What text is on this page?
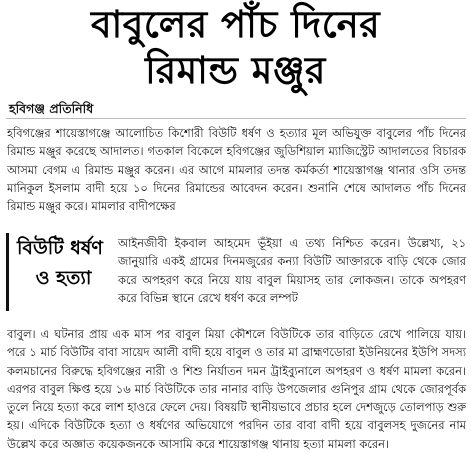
বাবুলের পাঁচ দিনের
রিমান্ড মঞ্জুর
হবিগঞ্জ প্রতিনিধি
হবিগঞ্জের শায়েস্তাগঞ্জে আলোচিত কিশোরী বিউটি ধর্ষণ ও হত্যার মূল অভিযুক্ত বাবুলের পাঁচ দিনের রিমান্ড মঞ্জুর করেছে আদালত। গতকাল বিকেলে হবিগঞ্জের জুডিশিয়াল ম্যাজিস্ট্রেট আদালতের বিচারক আসমা বেগম এ রিমান্ড মঞ্জুর করেন। এর আগে মামলার তদন্ত কর্মকর্তা শায়েস্তাগঞ্জ থানার ওসি তদন্ত মানিকুল ইসলাম বাদী হয়ে ১০ দিনের রিমান্ডের আবেদন করেন। শুনানি শেষে আদালত পাঁচ দিনের রিমান্ড মঞ্জুর করে। মামলার বাদীপক্ষের
বিউটি ধর্ষণ
ও হত্যা
আইনজীবী ইকবাল আহমেদ ভূঁইয়া এ তথ্য নিশ্চিত করেন। উল্লেখ্য, ২১ জানুয়ারি একই গ্রামের দিনমজুরের কন্যা বিউটি আক্তারকে বাড়ি থেকে জোর করে অপহরণ করে নিয়ে যায় বাবুল মিয়াসহ তার লোকজন। তাকে অপহরণ করে বিভিন্ন স্থানে রেখে ধর্ষণ করে লম্পট
বাবুল। এ ঘটনার প্রায় এক মাস পর বাবুল মিয়া কৌশলে বিউটিকে তার বাড়িতে রেখে পালিয়ে যায়। পরে ১ মার্চ বিউটির বাবা সায়েদ আলী বাদী হয়ে বাবুল ও তার মা ব্রাহ্মণডোরা ইউনিয়নের ইউপি সদস্য কলমচানের বিরুদ্ধে হবিগঞ্জের নারী ও শিশু নির্যাতন দমন ট্রাইব্যুনালে অপহরণ ও ধর্ষণ মামলা করেন। এরপর বাবুল ক্ষিপ্ত হয়ে ১৬ মার্চ বিউটিকে তার নানার বাড়ি উপজেলার গুনিপুর গ্রাম থেকে জোরপূর্বক তুলে নিয়ে হত্যা করে লাশ হাওরে ফেলে দেয়। বিষয়টি স্থানীয়ভাবে প্রচার হলে দেশজুড়ে তোলপাড় শুরু হয়। এদিকে বিউটিকে হত্যা ও ধর্ষণের অভিযোগে পরদিন তার বাবা বাদী হয়ে বাবুলসহ দুজনের নাম উল্লেখ করে অজ্ঞাত কয়েকজনকে আসামি করে শায়েস্তাগঞ্জ থানায় হত্যা মামলা করেন।
